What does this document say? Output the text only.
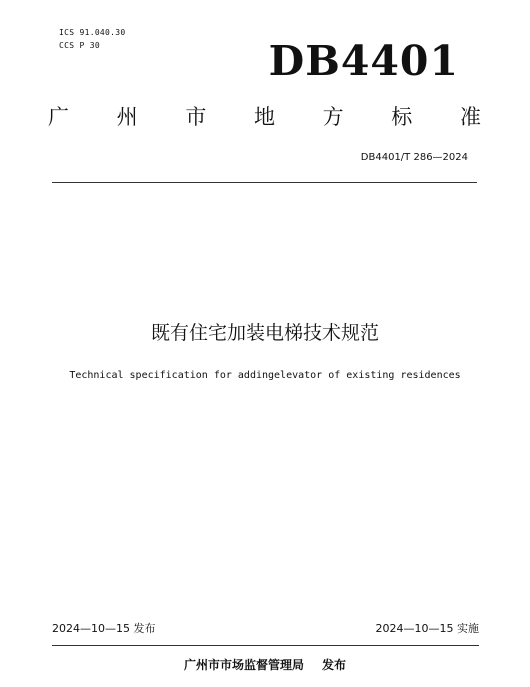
ICS 91.040.30
CCS P 30	DB4401
广 州 市 地 方 标 准
DB4401/T 286—2024
既有住宅加装电梯技术规范
Technical specification for addingelevator of existing residences
2024—10—15 发布	2024—10—15 实施
广州市市场监督管理局 发布
